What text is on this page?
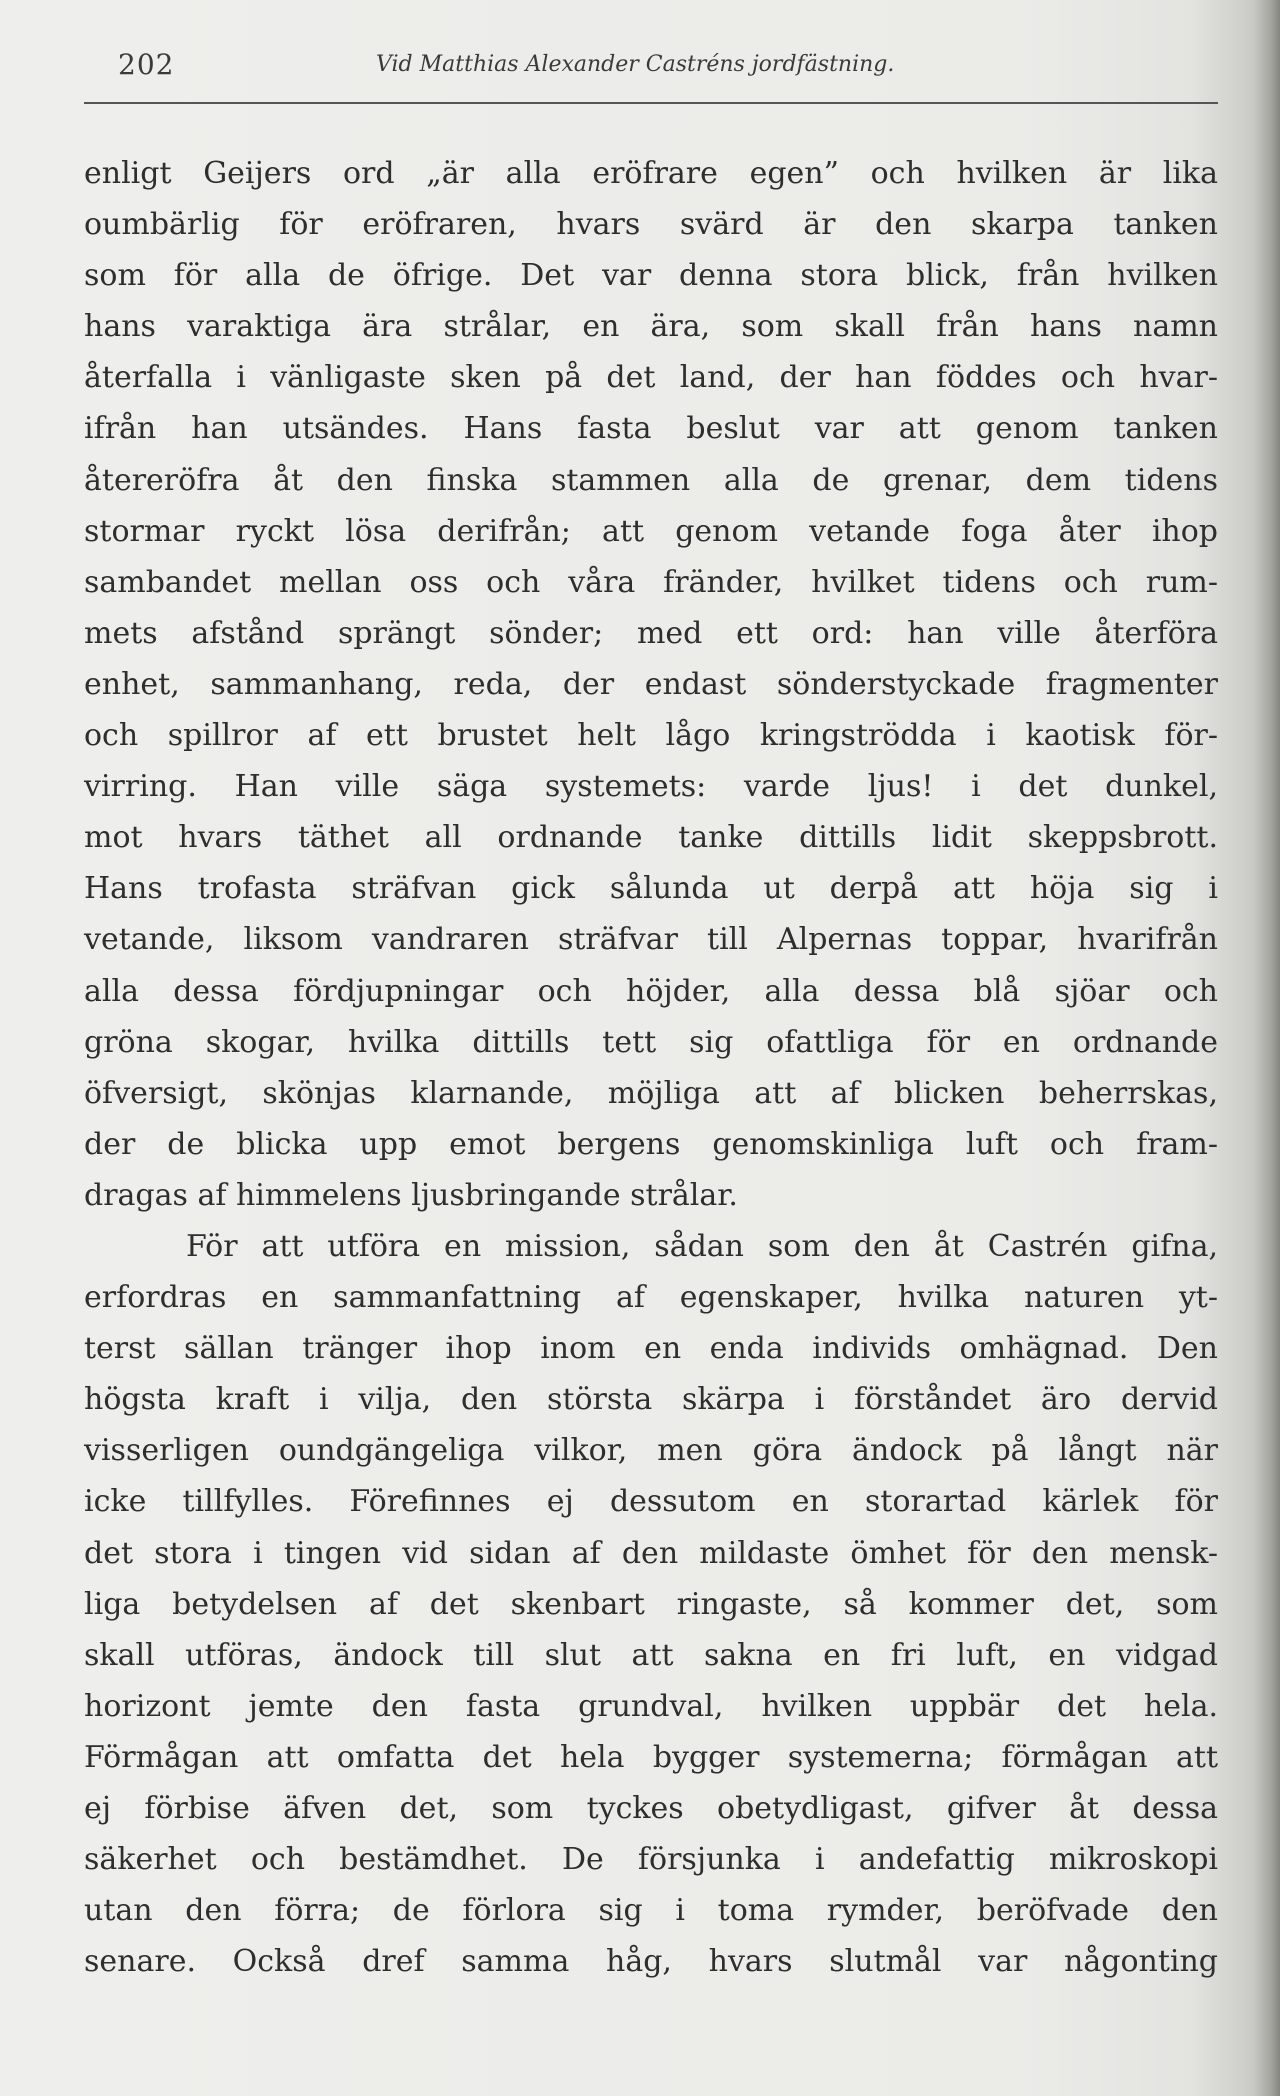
202	Vid Matthias Alexander Castréns jordfästning.
enligt Geijers ord „är alla eröfrare egen” och hvilken är lika
oumbärlig för eröfraren, hvars svärd är den skarpa tanken
som för alla de öfrige. Det var denna stora blick, från hvilken
hans varaktiga ära strålar, en ära, som skall från hans namn
återfalla i vänligaste sken på det land, der han föddes och hvar-
ifrån han utsändes. Hans fasta beslut var att genom tanken
återeröfra åt den finska stammen alla de grenar, dem tidens
stormar ryckt lösa derifrån; att genom vetande foga åter ihop
sambandet mellan oss och våra fränder, hvilket tidens och rum-
mets afstånd sprängt sönder; med ett ord: han ville återföra
enhet, sammanhang, reda, der endast sönderstyckade fragmenter
och spillror af ett brustet helt lågo kringströdda i kaotisk för-
virring. Han ville säga systemets: varde ljus! i det dunkel,
mot hvars täthet all ordnande tanke dittills lidit skeppsbrott.
Hans trofasta sträfvan gick sålunda ut derpå att höja sig i
vetande, liksom vandraren sträfvar till Alpernas toppar, hvarifrån
alla dessa fördjupningar och höjder, alla dessa blå sjöar och
gröna skogar, hvilka dittills tett sig ofattliga för en ordnande
öfversigt, skönjas klarnande, möjliga att af blicken beherrskas,
der de blicka upp emot bergens genomskinliga luft och fram-
dragas af himmelens ljusbringande strålar.
För att utföra en mission, sådan som den åt Castrén gifna,
erfordras en sammanfattning af egenskaper, hvilka naturen yt-
terst sällan tränger ihop inom en enda individs omhägnad. Den
högsta kraft i vilja, den största skärpa i förståndet äro dervid
visserligen oundgängeliga vilkor, men göra ändock på långt när
icke tillfylles. Förefinnes ej dessutom en storartad kärlek för
det stora i tingen vid sidan af den mildaste ömhet för den mensk-
liga betydelsen af det skenbart ringaste, så kommer det, som
skall utföras, ändock till slut att sakna en fri luft, en vidgad
horizont jemte den fasta grundval, hvilken uppbär det hela.
Förmågan att omfatta det hela bygger systemerna; förmågan att
ej förbise äfven det, som tyckes obetydligast, gifver åt dessa
säkerhet och bestämdhet. De försjunka i andefattig mikroskopi
utan den förra; de förlora sig i toma rymder, beröfvade den
senare. Också dref samma håg, hvars slutmål var någonting
